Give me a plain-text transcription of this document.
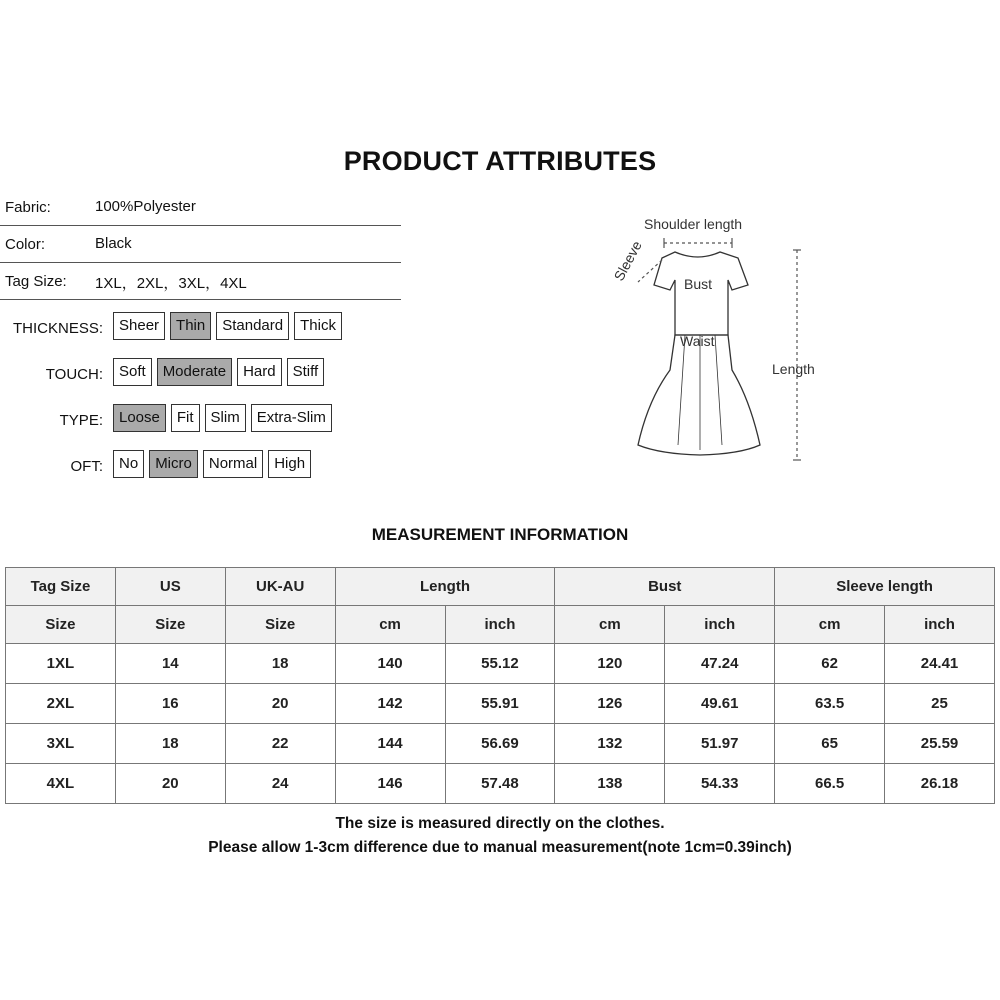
PRODUCT ATTRIBUTES
Fabric:	100%Polyester
Color:	Black
Tag Size: 1XL，2XL，3XL，4XL
THICKNESS:	Sheer	Thin	Standard	Thick
TOUCH:	Soft	Moderate	Hard	Stiff
TYPE:	Loose	Fit	Slim	Extra-Slim
OFT:	No	Micro	Normal	High
Shoulder length
Sleeve
Bust
Waist
Length
MEASUREMENT INFORMATION
Tag Size	US	UK-AU	Length		Bust		Sleeve length	
Size	Size	Size	cm	inch	cm	inch	cm	inch
1XL	14	18	140	55.12	120	47.24	62	24.41
2XL	16	20	142	55.91	126	49.61	63.5	25
3XL	18	22	144	56.69	132	51.97	65	25.59
4XL	20	24	146	57.48	138	54.33	66.5	26.18
The size is measured directly on the clothes.
Please allow 1-3cm difference due to manual measurement(note 1cm=0.39inch)
